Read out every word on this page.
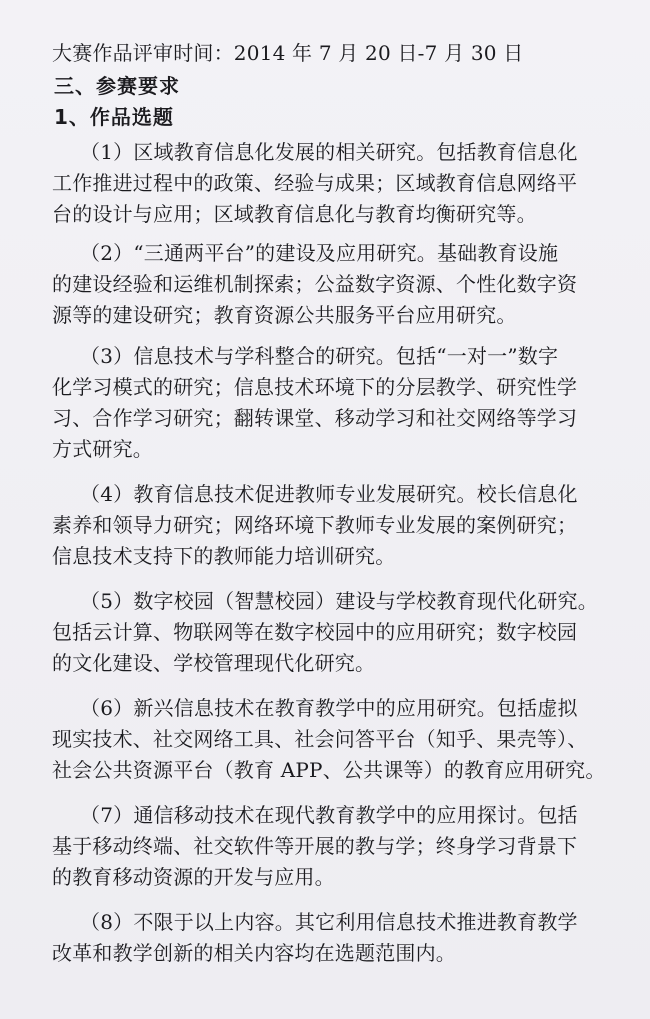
大赛作品评审时间：2014 年 7 月 20 日-7 月 30 日

三、参赛要求

1、作品选题

（1）区域教育信息化发展的相关研究。包括教育信息化

工作推进过程中的政策、经验与成果；区域教育信息网络平

台的设计与应用；区域教育信息化与教育均衡研究等。

（2）“三通两平台”的建设及应用研究。基础教育设施

的建设经验和运维机制探索；公益数字资源、个性化数字资

源等的建设研究；教育资源公共服务平台应用研究。

（3）信息技术与学科整合的研究。包括“一对一”数字

化学习模式的研究；信息技术环境下的分层教学、研究性学

习、合作学习研究；翻转课堂、移动学习和社交网络等学习

方式研究。

（4）教育信息技术促进教师专业发展研究。校长信息化

素养和领导力研究；网络环境下教师专业发展的案例研究；

信息技术支持下的教师能力培训研究。

（5）数字校园（智慧校园）建设与学校教育现代化研究。

包括云计算、物联网等在数字校园中的应用研究；数字校园

的文化建设、学校管理现代化研究。

（6）新兴信息技术在教育教学中的应用研究。包括虚拟

现实技术、社交网络工具、社会问答平台（知乎、果壳等）、

社会公共资源平台（教育 APP、公共课等）的教育应用研究。

（7）通信移动技术在现代教育教学中的应用探讨。包括

基于移动终端、社交软件等开展的教与学；终身学习背景下

的教育移动资源的开发与应用。

（8）不限于以上内容。其它利用信息技术推进教育教学

改革和教学创新的相关内容均在选题范围内。
